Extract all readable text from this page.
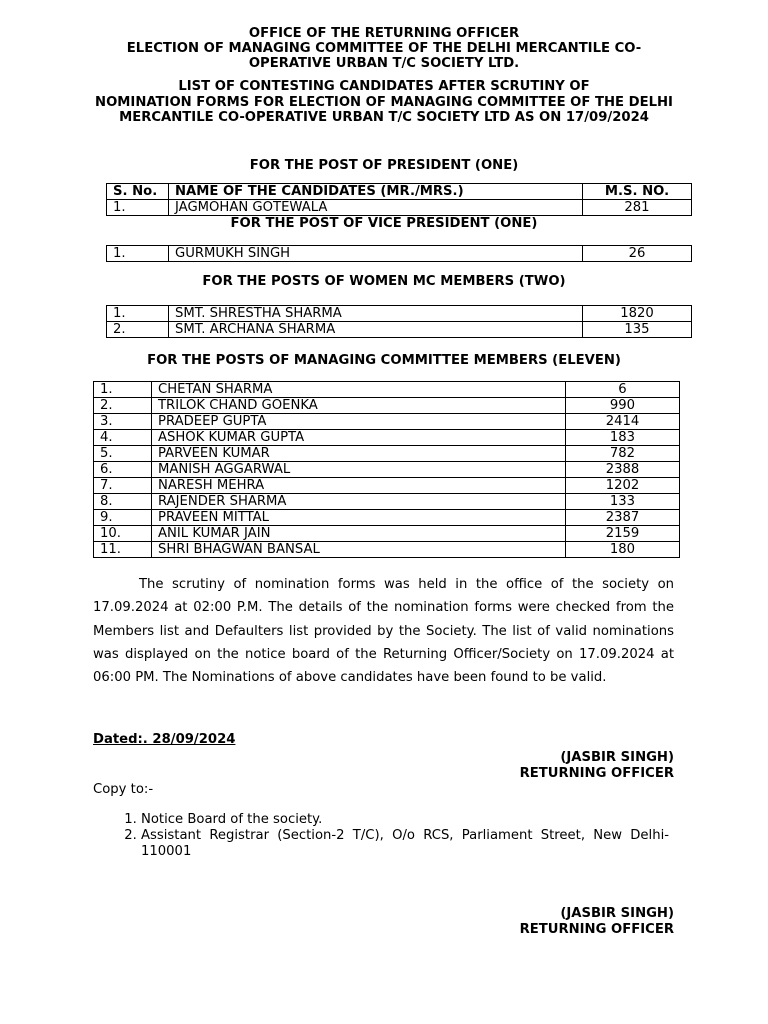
OFFICE OF THE RETURNING OFFICER
ELECTION OF MANAGING COMMITTEE OF THE DELHI MERCANTILE CO-
OPERATIVE URBAN T/C SOCIETY LTD.
LIST OF CONTESTING CANDIDATES AFTER SCRUTINY OF
NOMINATION FORMS FOR ELECTION OF MANAGING COMMITTEE OF THE DELHI
MERCANTILE CO-OPERATIVE URBAN T/C SOCIETY LTD AS ON 17/09/2024
FOR THE POST OF PRESIDENT (ONE)
S. No.	NAME OF THE CANDIDATES (MR./MRS.)	M.S. NO.
1.	JAGMOHAN GOTEWALA	281
FOR THE POST OF VICE PRESIDENT (ONE)
1.	GURMUKH SINGH	26
FOR THE POSTS OF WOMEN MC MEMBERS (TWO)
1.	SMT. SHRESTHA SHARMA	1820
2.	SMT. ARCHANA SHARMA	135
FOR THE POSTS OF MANAGING COMMITTEE MEMBERS (ELEVEN)
1.	CHETAN SHARMA	6
2.	TRILOK CHAND GOENKA	990
3.	PRADEEP GUPTA	2414
4.	ASHOK KUMAR GUPTA	183
5.	PARVEEN KUMAR	782
6.	MANISH AGGARWAL	2388
7.	NARESH MEHRA	1202
8.	RAJENDER SHARMA	133
9.	PRAVEEN MITTAL	2387
10.	ANIL KUMAR JAIN	2159
11.	SHRI BHAGWAN BANSAL	180
The scrutiny of nomination forms was held in the office of the society on 17.09.2024 at 02:00 P.M. The details of the nomination forms were checked from the Members list and Defaulters list provided by the Society. The list of valid nominations was displayed on the notice board of the Returning Officer/Society on 17.09.2024 at 06:00 PM. The Nominations of above candidates have been found to be valid.
Dated:. 28/09/2024
(JASBIR SINGH)
RETURNING OFFICER
Copy to:-
1. Notice Board of the society.
2. Assistant Registrar (Section-2 T/C), O/o RCS, Parliament Street, New Delhi-110001
(JASBIR SINGH)
RETURNING OFFICER
